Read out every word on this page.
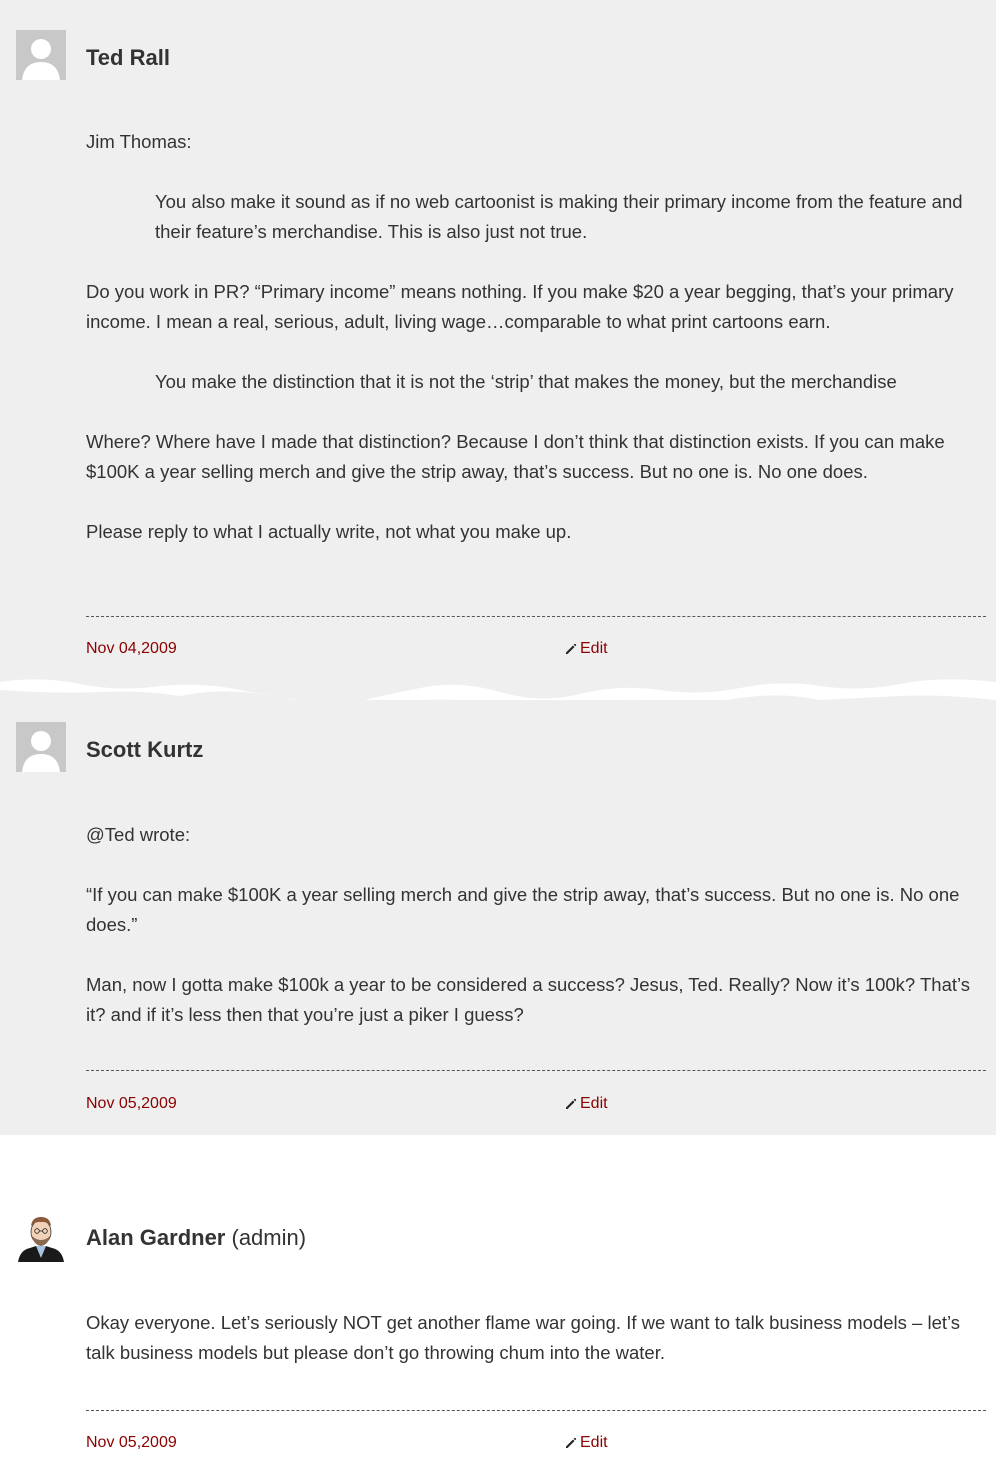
Ted Rall

Jim Thomas:

You also make it sound as if no web cartoonist is making their primary income from the feature and their feature’s merchandise. This is also just not true.

Do you work in PR? “Primary income” means nothing. If you make $20 a year begging, that’s your primary income. I mean a real, serious, adult, living wage…comparable to what print cartoons earn.

You make the distinction that it is not the ‘strip’ that makes the money, but the merchandise

Where? Where have I made that distinction? Because I don’t think that distinction exists. If you can make $100K a year selling merch and give the strip away, that’s success. But no one is. No one does.

Please reply to what I actually write, not what you make up.

Nov 04,2009	Edit
Scott Kurtz

@Ted wrote:

“If you can make $100K a year selling merch and give the strip away, that’s success. But no one is. No one does.”

Man, now I gotta make $100k a year to be considered a success? Jesus, Ted. Really? Now it’s 100k? That’s it? and if it’s less then that you’re just a piker I guess?

Nov 05,2009	Edit
Alan Gardner (admin)

Okay everyone. Let’s seriously NOT get another flame war going. If we want to talk business models – let’s talk business models but please don’t go throwing chum into the water.

Nov 05,2009	Edit
